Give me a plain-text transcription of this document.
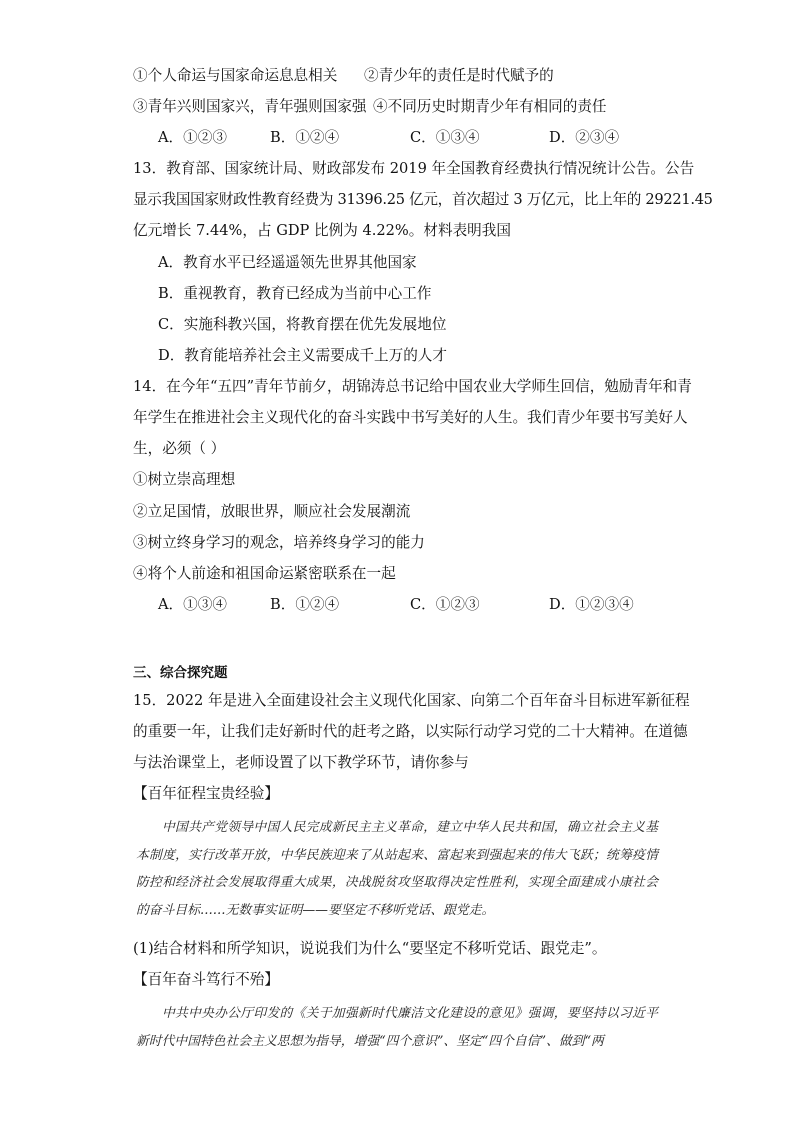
①个人命运与国家命运息息相关 ②青少年的责任是时代赋予的
③青年兴则国家兴，青年强则国家强 ④不同历史时期青少年有相同的责任
A．①②③	B．①②④	C．①③④	D．②③④
13．教育部、国家统计局、财政部发布 2019 年全国教育经费执行情况统计公告。公告
显示我国国家财政性教育经费为 31396.25 亿元，首次超过 3 万亿元，比上年的 29221.45
亿元增长 7.44%，占 GDP 比例为 4.22%。材料表明我国
A．教育水平已经遥遥领先世界其他国家
B．重视教育，教育已经成为当前中心工作
C．实施科教兴国，将教育摆在优先发展地位
D．教育能培养社会主义需要成千上万的人才
14．在今年“五四”青年节前夕，胡锦涛总书记给中国农业大学师生回信，勉励青年和青
年学生在推进社会主义现代化的奋斗实践中书写美好的人生。我们青少年要书写美好人
生，必须（ ）
①树立崇高理想
②立足国情，放眼世界，顺应社会发展潮流
③树立终身学习的观念，培养终身学习的能力
④将个人前途和祖国命运紧密联系在一起
A．①③④	B．①②④	C．①②③	D．①②③④
三、综合探究题
15．2022 年是进入全面建设社会主义现代化国家、向第二个百年奋斗目标进军新征程
的重要一年，让我们走好新时代的赶考之路，以实际行动学习党的二十大精神。在道德
与法治课堂上，老师设置了以下教学环节，请你参与
【百年征程宝贵经验】

中国共产党领导中国人民完成新民主主义革命，建立中华人民共和国，确立社会主义基本制度，实行改革开放，中华民族迎来了从站起来、富起来到强起来的伟大飞跃；统筹疫情防控和经济社会发展取得重大成果，决战脱贫攻坚取得决定性胜利，实现全面建成小康社会的奋斗目标……无数事实证明——要坚定不移听党话、跟党走。

(1)结合材料和所学知识，说说我们为什么“要坚定不移听党话、跟党走”。
【百年奋斗笃行不殆】

中共中央办公厅印发的《关于加强新时代廉洁文化建设的意见》强调，要坚持以习近平新时代中国特色社会主义思想为指导，增强“四个意识”、坚定“四个自信”、做到“两
